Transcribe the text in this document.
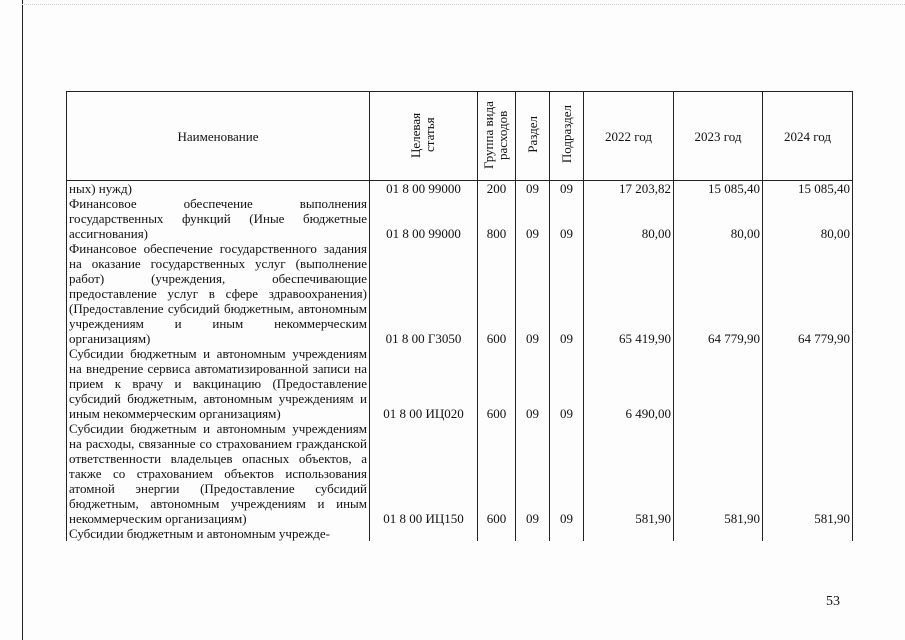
Наименование	Целевая статья	Группа вида расходов	Раздел	Подраздел	2022 год	2023 год	2024 год
ных) нужд)	01 8 00 99000	200	09	09	17 203,82	15 085,40	15 085,40
Финансовое обеспечение выполнения государственных функций (Иные бюджетные ассигнования)	01 8 00 99000	800	09	09	80,00	80,00	80,00
Финансовое обеспечение государственного задания на оказание государственных услуг (выполнение работ) (учреждения, обеспечивающие предоставление услуг в сфере здравоохранения) (Предоставление субсидий бюджетным, автономным учреждениям и иным некоммерческим организациям)	01 8 00 Г3050	600	09	09	65 419,90	64 779,90	64 779,90
Субсидии бюджетным и автономным учреждениям на внедрение сервиса автоматизированной записи на прием к врачу и вакцинацию (Предоставление субсидий бюджетным, автономным учреждениям и иным некоммерческим организациям)	01 8 00 ИЦ020	600	09	09	6 490,00		
Субсидии бюджетным и автономным учреждениям на расходы, связанные со страхованием гражданской ответственности владельцев опасных объектов, а также со страхованием объектов использования атомной энергии (Предоставление субсидий бюджетным, автономным учреждениям и иным некоммерческим организациям)	01 8 00 ИЦ150	600	09	09	581,90	581,90	581,90
Субсидии бюджетным и автономным учрежде-							
53
